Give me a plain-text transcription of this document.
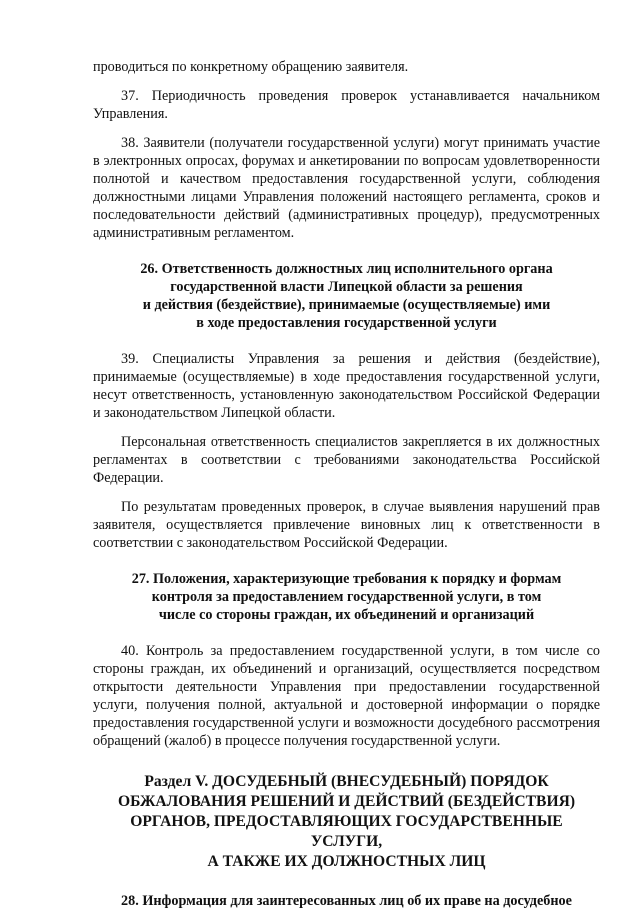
проводиться по конкретному обращению заявителя.

37. Периодичность проведения проверок устанавливается начальником Управления.

38. Заявители (получатели государственной услуги) могут принимать участие в электронных опросах, форумах и анкетировании по вопросам удовлетворенности полнотой и качеством предоставления государственной услуги, соблюдения должностными лицами Управления положений настоящего регламента, сроков и последовательности действий (административных процедур), предусмотренных административным регламентом.

26. Ответственность должностных лиц исполнительного органа
государственной власти Липецкой области за решения
и действия (бездействие), принимаемые (осуществляемые) ими
в ходе предоставления государственной услуги

39. Специалисты Управления за решения и действия (бездействие), принимаемые (осуществляемые) в ходе предоставления государственной услуги, несут ответственность, установленную законодательством Российской Федерации и законодательством Липецкой области.

Персональная ответственность специалистов закрепляется в их должностных регламентах в соответствии с требованиями законодательства Российской Федерации.

По результатам проведенных проверок, в случае выявления нарушений прав заявителя, осуществляется привлечение виновных лиц к ответственности в соответствии с законодательством Российской Федерации.

27. Положения, характеризующие требования к порядку и формам
контроля за предоставлением государственной услуги, в том
числе со стороны граждан, их объединений и организаций

40. Контроль за предоставлением государственной услуги, в том числе со стороны граждан, их объединений и организаций, осуществляется посредством открытости деятельности Управления при предоставлении государственной услуги, получения полной, актуальной и достоверной информации о порядке предоставления государственной услуги и возможности досудебного рассмотрения обращений (жалоб) в процессе получения государственной услуги.

Раздел V. ДОСУДЕБНЫЙ (ВНЕСУДЕБНЫЙ) ПОРЯДОК
ОБЖАЛОВАНИЯ РЕШЕНИЙ И ДЕЙСТВИЙ (БЕЗДЕЙСТВИЯ)
ОРГАНОВ, ПРЕДОСТАВЛЯЮЩИХ ГОСУДАРСТВЕННЫЕ УСЛУГИ,
А ТАКЖЕ ИХ ДОЛЖНОСТНЫХ ЛИЦ
28. Информация для заинтересованных лиц об их праве на досудебное
